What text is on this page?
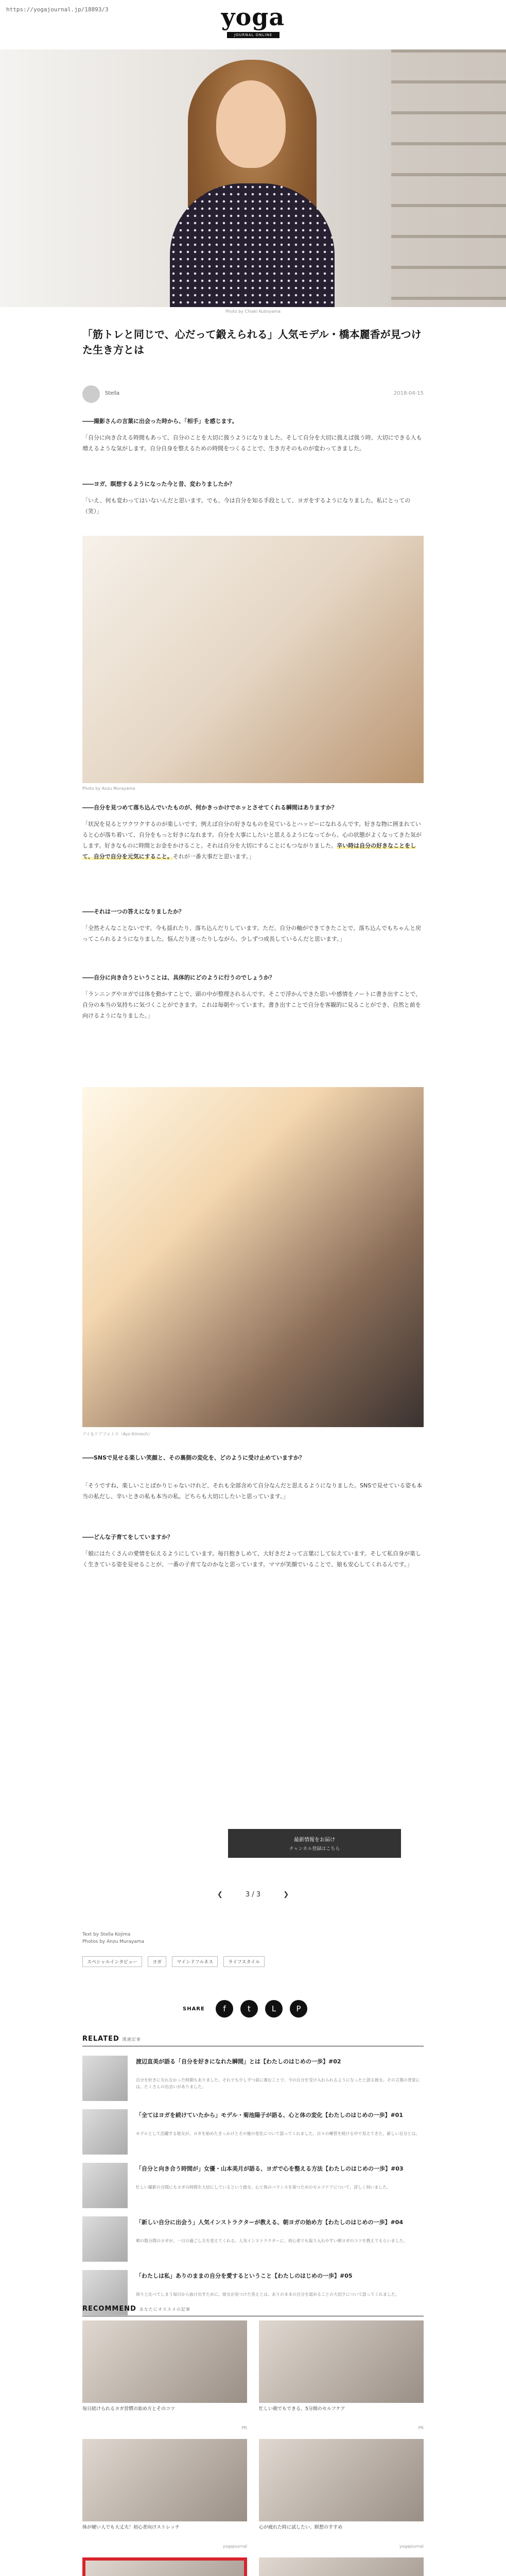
https://yogajournal.jp/18893/3	yoga
JOURNAL ONLINE
Photo by Chiaki Kuboyama
「筋トレと同じで、心だって鍛えられる」人気モデル・橋本麗香が見つけた生き方とは
Stella	2018-04-15

――撮影さんの言葉に出会った時から、「相手」を感じます。

「自分に向き合える時間もあって、自分のことを大切に扱うようになりました。そして自分を大切に扱えば扱う時、大切にできる人も増えるような気がします。自分自身を整えるための時間をつくることで、生き方そのものが変わってきました。

――ヨガ、瞑想するようになった今と昔、変わりましたか？

「いえ、何も変わってはいないんだと思います。でも、今は自分を知る手段として、ヨガをするようになりました。私にとっての（笑）」

Photo by Anzu Murayama

――自分を見つめて落ち込んでいたものが、何かきっかけでホッとさせてくれる瞬間はありますか？

「状況を見るとワクワクするのが楽しいです。例えば自分の好きなものを見ているとハッピーになれるんです。好きな物に囲まれていると心が落ち着いて、自分をもっと好きになれます。自分を大事にしたいと思えるようになってから、心の状態がよくなってきた気がします。好きなものに時間とお金をかけること。それは自分を大切にすることにもつながりました。辛い時は自分の好きなことをして、自分で自分を元気にすること。それが一番大事だと思います。」

――それは一つの答えになりましたか？

「全然そんなことないです。今も揺れたり、落ち込んだりしています。ただ、自分の軸ができてきたことで、落ち込んでもちゃんと戻ってこられるようになりました。悩んだり迷ったりしながら、少しずつ成長しているんだと思います。」

――自分に向き合うということは、具体的にどのように行うのでしょうか？

「ランニングやヨガでは体を動かすことで、頭の中が整理されるんです。そこで浮かんできた思いや感情をノートに書き出すことで、自分の本当の気持ちに気づくことができます。これは毎朝やっています。書き出すことで自分を客観的に見ることができ、自然と前を向けるようになりました。」

アイ＆ケアフォトス（Ayo Kimioch）

――SNSで見せる楽しい笑顔と、その裏側の変化を、どのように受け止めていますか？

「そうですね、楽しいことばかりじゃないけれど、それも全部含めて自分なんだと思えるようになりました。SNSで見せている姿も本当の私だし、辛いときの私も本当の私。どちらも大切にしたいと思っています。」

――どんな子育てをしていますか？

「娘にはたくさんの愛情を伝えるようにしています。毎日抱きしめて、大好きだよって言葉にして伝えています。そして私自身が楽しく生きている姿を見せることが、一番の子育てなのかなと思っています。ママが笑顔でいることで、娘も安心してくれるんです。」

最新情報をお届け
チャンネル登録はこちら
❮	3 / 3	❯
Text by Stella Kojima
Photos by Anzu Murayama
スペシャルインタビュー	ヨガ	マインドフルネス	ライフスタイル
SHARE	f	t	L	P
RELATED 関連記事
渡辺直美が語る「自分を好きになれた瞬間」とは【わたしのはじめの一歩】#02
自分を好きになれなかった時期もありました。それでも少しずつ前に進むことで、今の自分を受け入れられるようになったと語る彼女。その言葉の背景には、たくさんの出会いがありました。
「全てはヨガを続けていたから」モデル・菊池陽子が語る、心と体の変化【わたしのはじめの一歩】#01
モデルとして活躍する彼女が、ヨガを始めたきっかけとその後の変化について語ってくれました。日々の練習を続ける中で見えてきた、新しい自分とは。
「自分と向き合う時間が」女優・山本美月が語る、ヨガで心を整える方法【わたしのはじめの一歩】#03
忙しい撮影の合間にもヨガの時間を大切にしているという彼女。心と体のバランスを保つためのセルフケアについて、詳しく伺いました。
「新しい自分に出会う」人気インストラクターが教える、朝ヨガの始め方【わたしのはじめの一歩】#04
朝の数分間のヨガが、一日の過ごし方を変えてくれる。人気インストラクターに、初心者でも取り入れやすい朝ヨガのコツを教えてもらいました。
「わたしは私」ありのままの自分を愛するということ【わたしのはじめの一歩】#05
周りと比べてしまう毎日から抜け出すために、彼女が見つけた答えとは。ありのままの自分を認めることの大切さについて語ってくれました。
RECOMMEND あなたにオススメの記事
毎日続けられるヨガ習慣の始め方とそのコツ
PR
忙しい朝でもできる、5分間のセルフケア
PR
体が硬い人でも大丈夫！初心者向けストレッチ
yogajournal
心が疲れた時に試したい、瞑想のすすめ
yogajournal
